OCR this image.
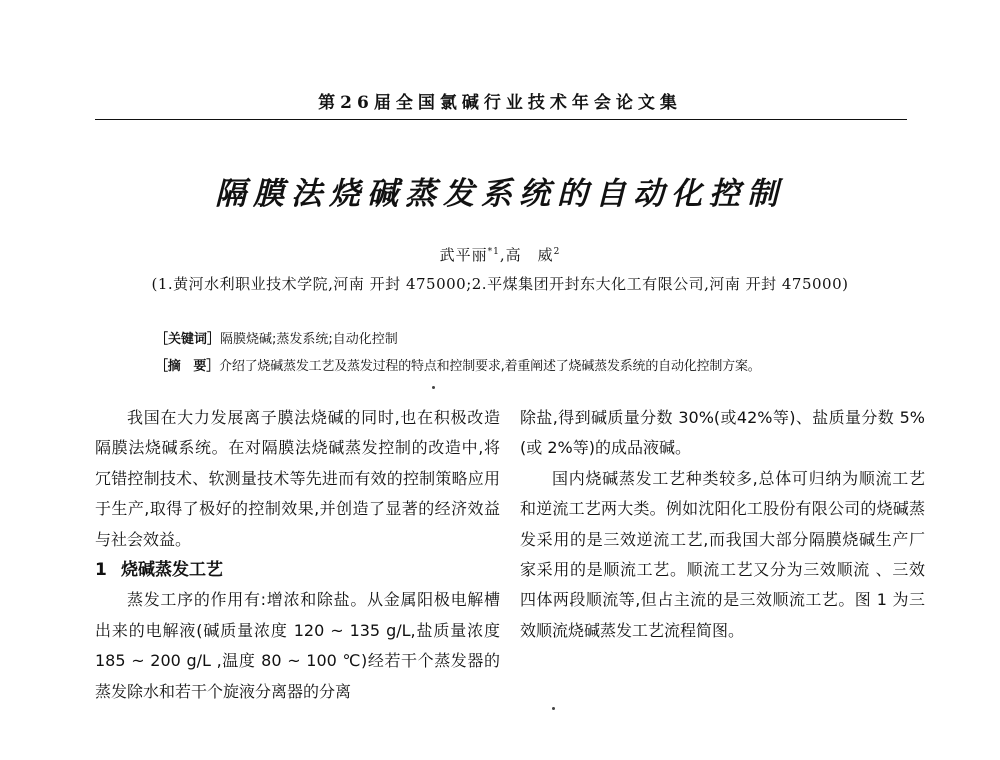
第26届全国氯碱行业技术年会论文集
隔膜法烧碱蒸发系统的自动化控制
武平丽$^{*1}$,高　威$^2$
(1.黄河水利职业技术学院,河南 开封 475000;2.平煤集团开封东大化工有限公司,河南 开封 475000)
［关键词］隔膜烧碱;蒸发系统;自动化控制
［摘　要］介绍了烧碱蒸发工艺及蒸发过程的特点和控制要求,着重阐述了烧碱蒸发系统的自动化控制方案。

我国在大力发展离子膜法烧碱的同时,也在积极改造隔膜法烧碱系统。在对隔膜法烧碱蒸发控制的改造中,将冗错控制技术、软测量技术等先进而有效的控制策略应用于生产,取得了极好的控制效果,并创造了显著的经济效益与社会效益。

1 烧碱蒸发工艺

蒸发工序的作用有:增浓和除盐。从金属阳极电解槽出来的电解液(碱质量浓度 120 ~ 135 g/L,盐质量浓度 185 ~ 200 g/L ,温度 80 ~ 100 ℃)经若干个蒸发器的蒸发除水和若干个旋液分离器的分离

除盐,得到碱质量分数 30%(或42%等)、盐质量分数 5%(或 2%等)的成品液碱。

国内烧碱蒸发工艺种类较多,总体可归纳为顺流工艺和逆流工艺两大类。例如沈阳化工股份有限公司的烧碱蒸发采用的是三效逆流工艺,而我国大部分隔膜烧碱生产厂家采用的是顺流工艺。顺流工艺又分为三效顺流 、三效四体两段顺流等,但占主流的是三效顺流工艺。图 1 为三效顺流烧碱蒸发工艺流程简图。
